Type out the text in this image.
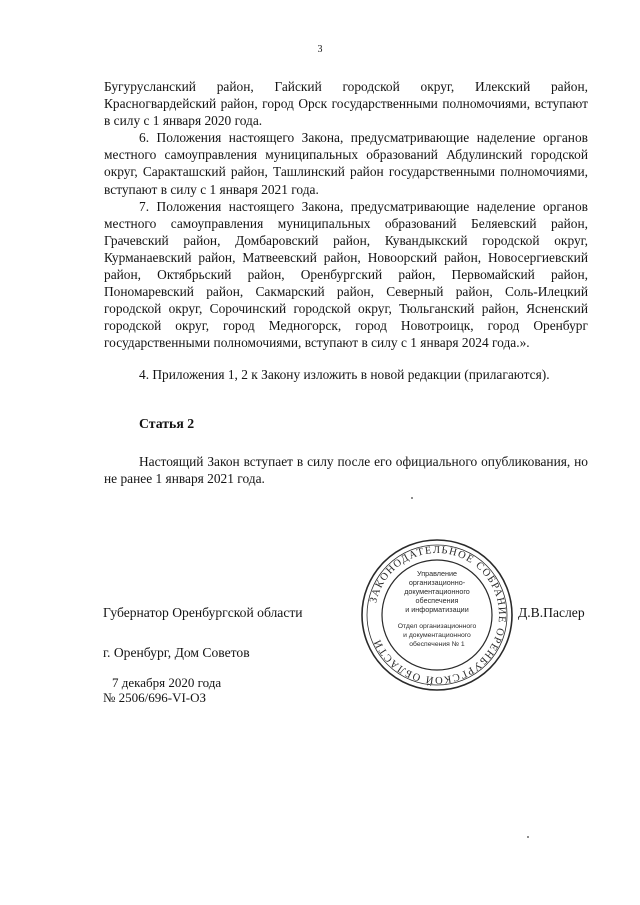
3

Бугурусланский район, Гайский городской округ, Илекский район, Красногвардейский район, город Орск государственными полномочиями, вступают в силу с 1 января 2020 года.

6. Положения настоящего Закона, предусматривающие наделение органов местного самоуправления муниципальных образований Абдулинский городской округ, Саракташский район, Ташлинский район государственными полномочиями, вступают в силу с 1 января 2021 года.

7. Положения настоящего Закона, предусматривающие наделение органов местного самоуправления муниципальных образований Беляевский район, Грачевский район, Домбаровский район, Кувандыкский городской округ, Курманаевский район, Матвеевский район, Новоорский район, Новосергиевский район, Октябрьский район, Оренбургский район, Первомайский район, Пономаревский район, Сакмарский район, Северный район, Соль-Илецкий городской округ, Сорочинский городской округ, Тюльганский район, Ясненский городской округ, город Медногорск, город Новотроицк, город Оренбург государственными полномочиями, вступают в силу с 1 января 2024 года.».

4. Приложения 1, 2 к Закону изложить в новой редакции (прилагаются).

Статья 2
Настоящий Закон вступает в силу после его официального опубликования, но не ранее 1 января 2021 года.
Губернатор Оренбургской области	Д.В.Паслер
ЗАКОНОДАТЕЛЬНОЕ СОБРАНИЕ ОРЕНБУРГСКОЙ ОБЛАСТИ
Управление
организационно-
документационного
обеспечения
и информатизации
Отдел организационного
и документационного
обеспечения № 1
г. Оренбург, Дом Советов
7 декабря 2020 года
№ 2506/696-VI-ОЗ
